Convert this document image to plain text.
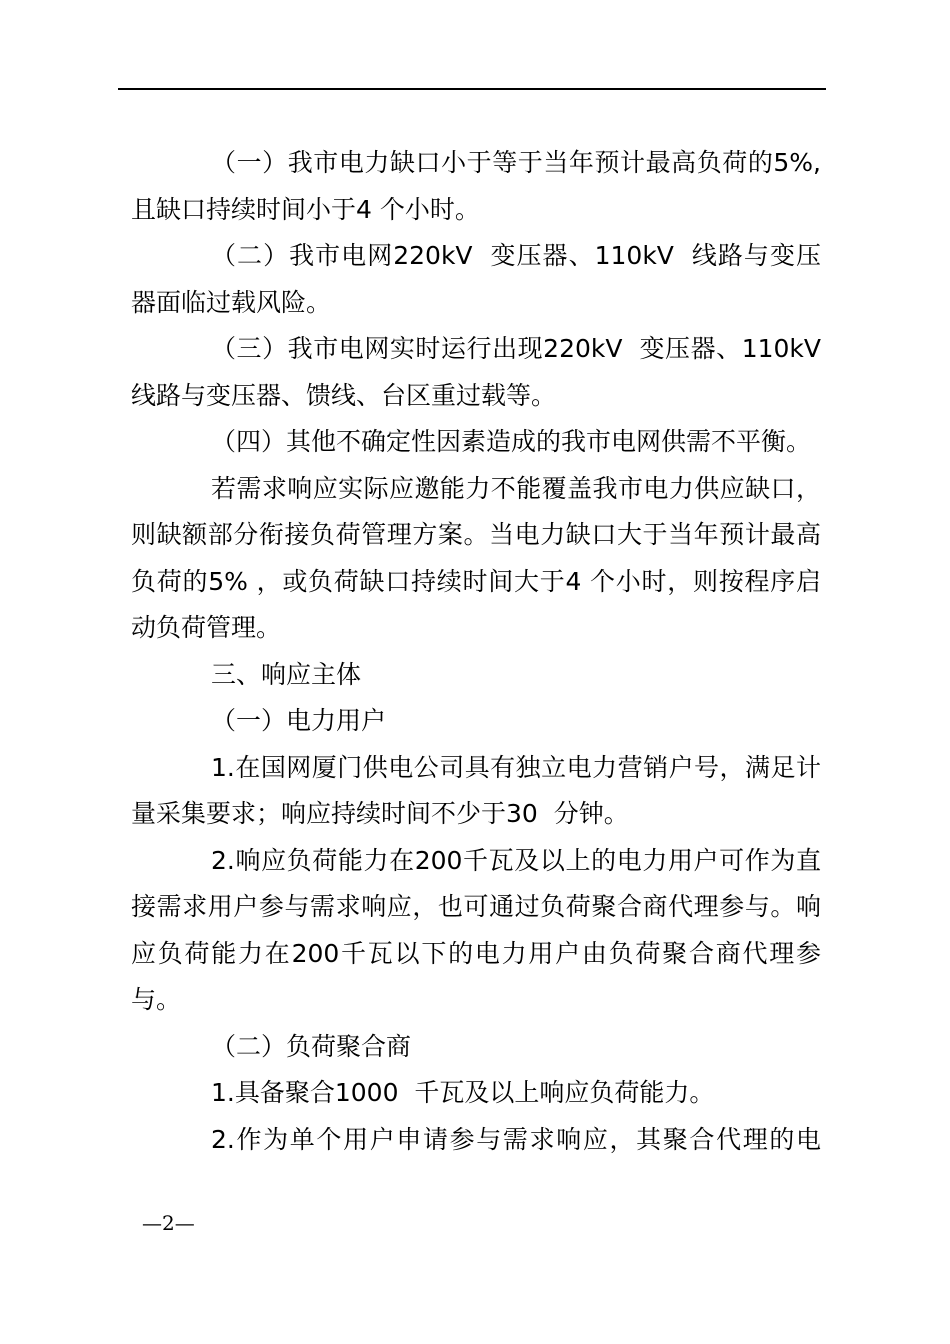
（一）我市电力缺口小于等于当年预计最高负荷的5%,且缺口持续时间小于4 个小时。

（二）我市电网220kV  变压器、110kV  线路与变压器面临过载风险。

（三）我市电网实时运行出现220kV  变压器、110kV  线路与变压器、馈线、台区重过载等。

（四）其他不确定性因素造成的我市电网供需不平衡。

若需求响应实际应邀能力不能覆盖我市电力供应缺口，则缺额部分衔接负荷管理方案。当电力缺口大于当年预计最高负荷的5% ，或负荷缺口持续时间大于4 个小时，则按程序启动负荷管理。

三、响应主体

（一）电力用户

1.在国网厦门供电公司具有独立电力营销户号，满足计量采集要求；响应持续时间不少于30  分钟。

2.响应负荷能力在200千瓦及以上的电力用户可作为直接需求用户参与需求响应，也可通过负荷聚合商代理参与。响应负荷能力在200千瓦以下的电力用户由负荷聚合商代理参与。

（二）负荷聚合商

1.具备聚合1000  千瓦及以上响应负荷能力。

2.作为单个用户申请参与需求响应，其聚合代理的电

—2—
